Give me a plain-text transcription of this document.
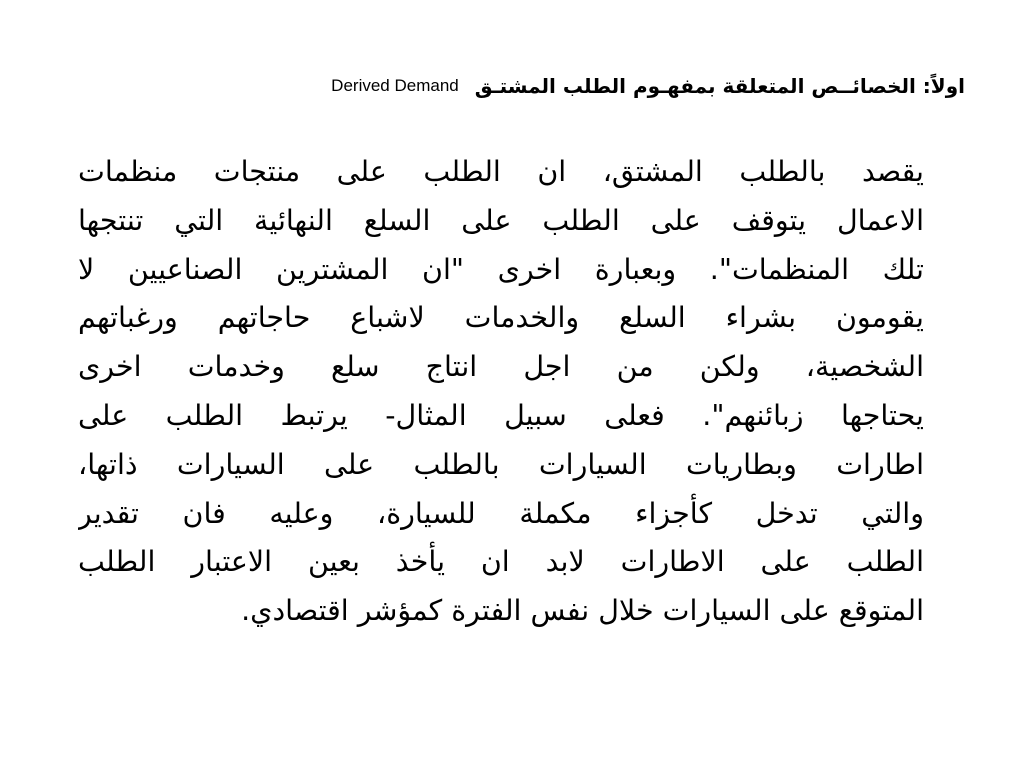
اولاً: الخصائــص المتعلقة بمفهـوم الطلب المشتـق
Derived Demand
يقصد بالطلب المشتق، ان الطلب على منتجات منظمات
الاعمال يتوقف على الطلب على السلع النهائية التي تنتجها
تلك المنظمات". وبعبارة اخرى "ان المشترين الصناعيين لا
يقومون بشراء السلع والخدمات لاشباع حاجاتهم ورغباتهم
الشخصية، ولكن من اجل انتاج سلع وخدمات اخرى
يحتاجها زبائنهم". فعلى سبيل المثال- يرتبط الطلب على
اطارات وبطاريات السيارات بالطلب على السيارات ذاتها،
والتي تدخل كأجزاء مكملة للسيارة، وعليه فان تقدير
الطلب على الاطارات لابد ان يأخذ بعين الاعتبار الطلب
المتوقع على السيارات خلال نفس الفترة كمؤشر اقتصادي.
